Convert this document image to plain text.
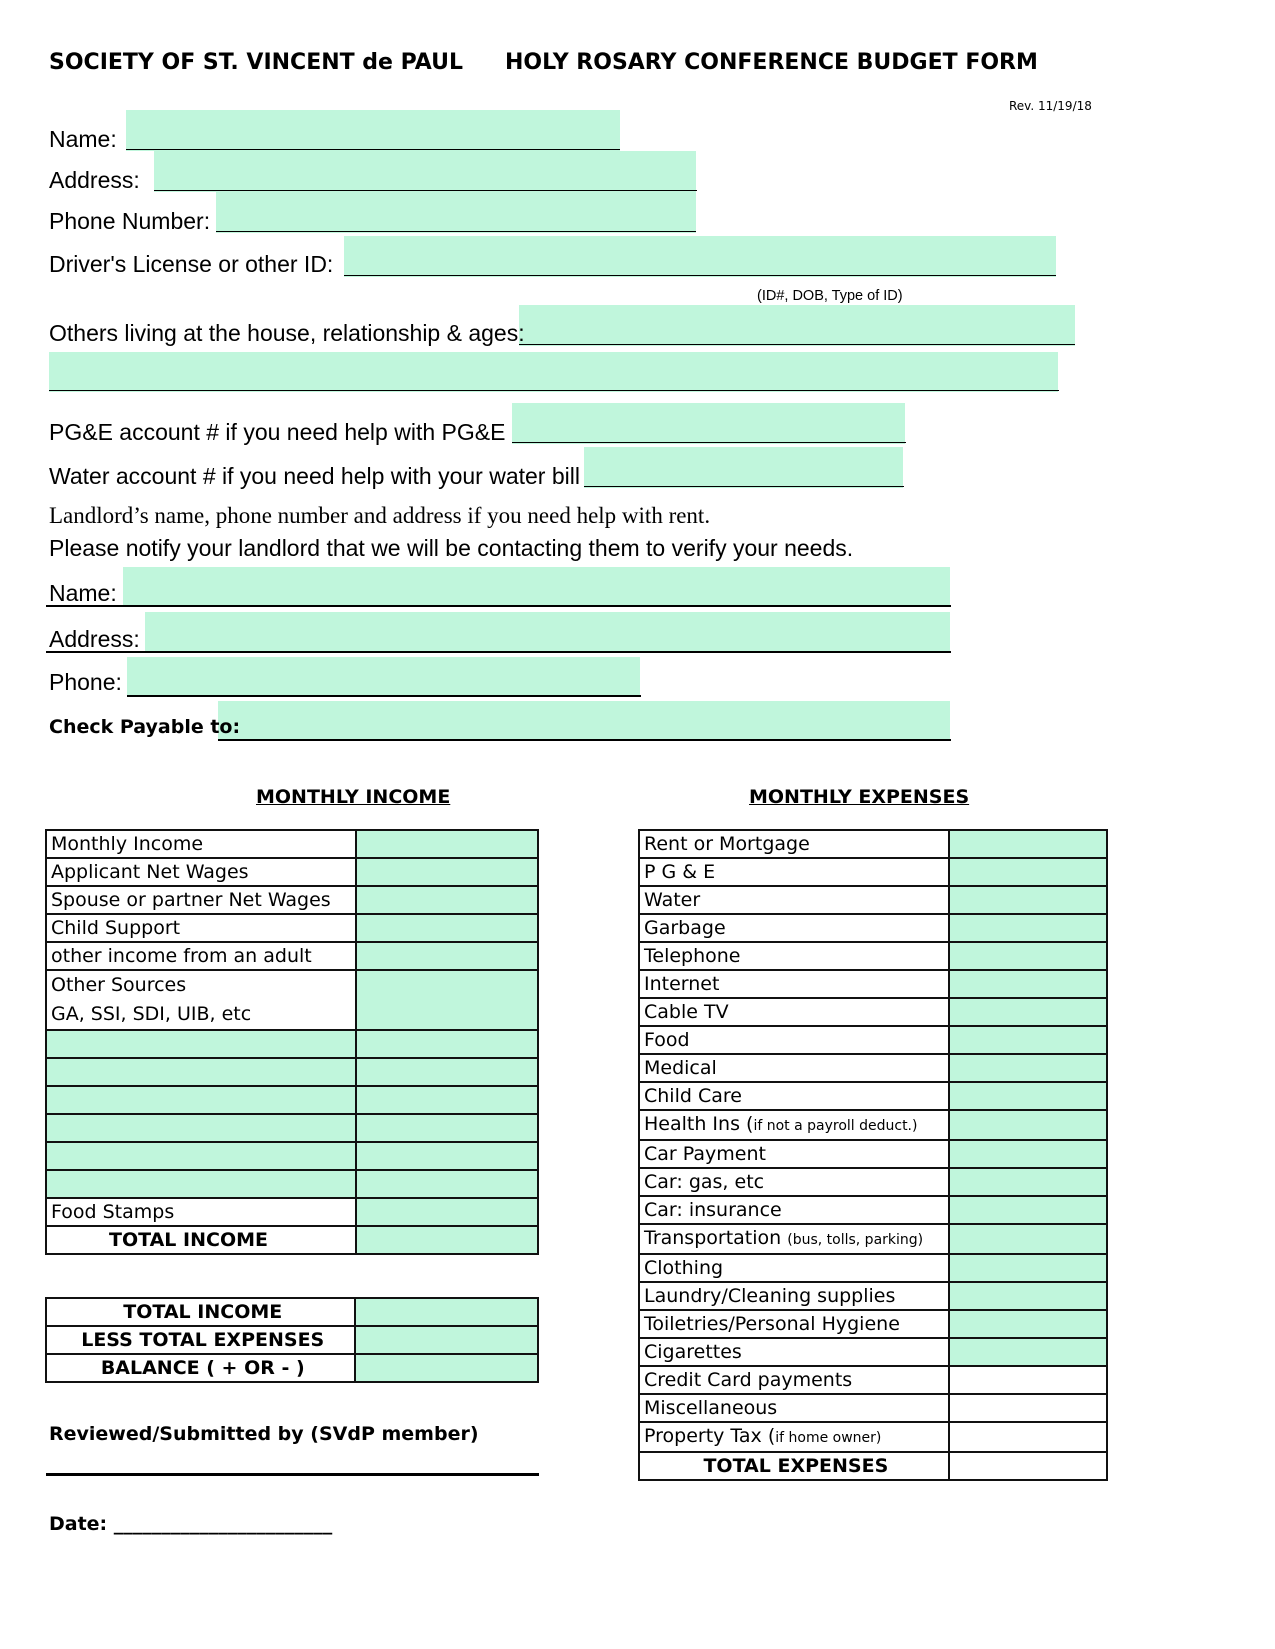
SOCIETY OF ST. VINCENT de PAUL HOLY ROSARY CONFERENCE BUDGET FORM
Rev. 11/19/18
Name:
Address:
Phone Number:
Driver's License or other ID:
(ID#, DOB, Type of ID)
Others living at the house, relationship & ages:
PG&E account # if you need help with PG&E
Water account # if you need help with your water bill
Landlord’s name, phone number and address if you need help with rent.
Please notify your landlord that we will be contacting them to verify your needs.
Name:
Address:
Phone:
Check Payable to:
MONTHLY INCOME	MONTHLY EXPENSES
Monthly Income	
Applicant Net Wages	
Spouse or partner Net Wages	
Child Support	
other income from an adult	
Other Sources
GA, SSI, SDI, UIB, etc	

Food Stamps	
TOTAL INCOME	
TOTAL INCOME	
LESS TOTAL EXPENSES	
BALANCE ( + OR - )	
Reviewed/Submitted by (SVdP member)
Date: _______________________
Rent or Mortgage	
P G & E	
Water	
Garbage	
Telephone	
Internet	
Cable TV	
Food	
Medical	
Child Care	
Health Ins (if not a payroll deduct.)	
Car Payment	
Car: gas, etc	
Car: insurance	
Transportation (bus, tolls, parking)	
Clothing	
Laundry/Cleaning supplies	
Toiletries/Personal Hygiene	
Cigarettes	
Credit Card payments	
Miscellaneous	
Property Tax (if home owner)	
TOTAL EXPENSES	
